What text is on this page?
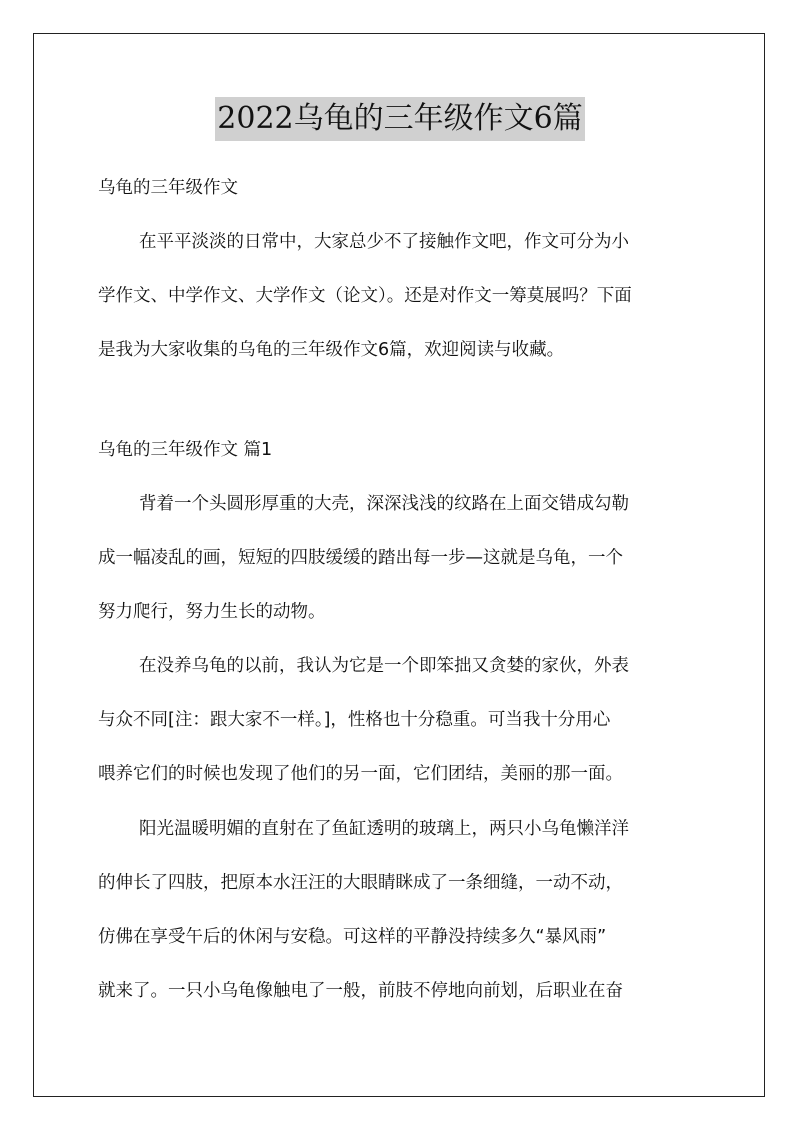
2022乌龟的三年级作文6篇
乌龟的三年级作文
在平平淡淡的日常中，大家总少不了接触作文吧，作文可分为小
学作文、中学作文、大学作文（论文）。还是对作文一筹莫展吗？下面
是我为大家收集的乌龟的三年级作文6篇，欢迎阅读与收藏。
乌龟的三年级作文 篇1
背着一个头圆形厚重的大壳，深深浅浅的纹路在上面交错成勾勒
成一幅凌乱的画，短短的四肢缓缓的踏出每一步—这就是乌龟，一个
努力爬行，努力生长的动物。
在没养乌龟的以前，我认为它是一个即笨拙又贪婪的家伙，外表
与众不同[注：跟大家不一样。]，性格也十分稳重。可当我十分用心
喂养它们的时候也发现了他们的另一面，它们团结，美丽的那一面。
阳光温暖明媚的直射在了鱼缸透明的玻璃上，两只小乌龟懒洋洋
的伸长了四肢，把原本水汪汪的大眼睛眯成了一条细缝，一动不动，
仿佛在享受午后的休闲与安稳。可这样的平静没持续多久“暴风雨”
就来了。一只小乌龟像触电了一般，前肢不停地向前划，后职业在奋
